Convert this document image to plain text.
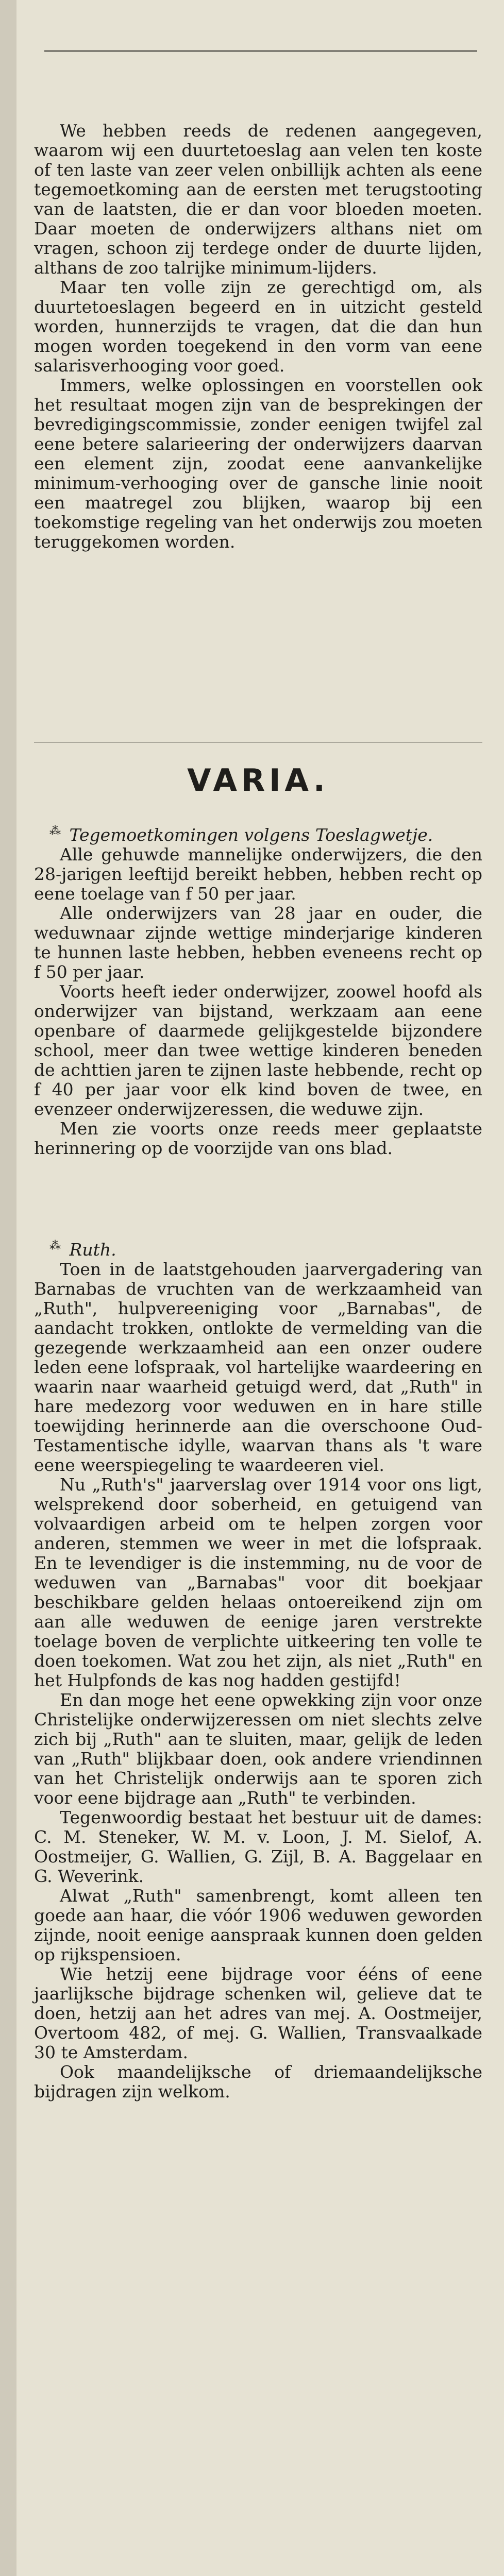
We hebben reeds de redenen aangegeven, waarom wij een duurtetoeslag aan velen ten koste of ten laste van zeer velen onbillijk achten als eene tegemoetkoming aan de eersten met terugstooting van de laatsten, die er dan voor bloeden moeten. Daar moeten de onderwijzers althans niet om vragen, schoon zij terdege onder de duurte lijden, althans de zoo talrijke minimum-lijders.

Maar ten volle zijn ze gerechtigd om, als duurtetoeslagen begeerd en in uitzicht gesteld worden, hunnerzijds te vragen, dat die dan hun mogen worden toegekend in den vorm van eene salarisverhooging voor goed.

Immers, welke oplossingen en voorstellen ook het resultaat mogen zijn van de besprekingen der bevredigingscommissie, zonder eenigen twijfel zal eene betere salarieering der onderwijzers daarvan een element zijn, zoodat eene aanvankelijke minimum-verhooging over de gansche linie nooit een maatregel zou blijken, waarop bij een toekomstige regeling van het onderwijs zou moeten teruggekomen worden.

VARIA.

⁂ Tegemoetkomingen volgens Toeslagwetje.

Alle gehuwde mannelijke onderwijzers, die den 28-jarigen leeftijd bereikt hebben, hebben recht op eene toelage van f 50 per jaar.

Alle onderwijzers van 28 jaar en ouder, die weduwnaar zijnde wettige minderjarige kinderen te hunnen laste hebben, hebben eveneens recht op f 50 per jaar.

Voorts heeft ieder onderwijzer, zoowel hoofd als onderwijzer van bijstand, werkzaam aan eene openbare of daarmede gelijkgestelde bijzondere school, meer dan twee wettige kinderen beneden de achttien jaren te zijnen laste hebbende, recht op f 40 per jaar voor elk kind boven de twee, en evenzeer onderwijzeressen, die weduwe zijn.

Men zie voorts onze reeds meer geplaatste herinnering op de voorzijde van ons blad.

⁂ Ruth.

Toen in de laatstgehouden jaarvergadering van Barnabas de vruchten van de werkzaamheid van „Ruth", hulpvereeniging voor „Barnabas", de aandacht trokken, ontlokte de vermelding van die gezegende werkzaamheid aan een onzer oudere leden eene lofspraak, vol hartelijke waardeering en waarin naar waarheid getuigd werd, dat „Ruth" in hare medezorg voor weduwen en in hare stille toewijding herinnerde aan die overschoone Oud-Testamentische idylle, waarvan thans als 't ware eene weerspiegeling te waardeeren viel.

Nu „Ruth's" jaarverslag over 1914 voor ons ligt, welsprekend door soberheid, en getuigend van volvaardigen arbeid om te helpen zorgen voor anderen, stemmen we weer in met die lofspraak. En te levendiger is die instemming, nu de voor de weduwen van „Barnabas" voor dit boekjaar beschikbare gelden helaas ontoereikend zijn om aan alle weduwen de eenige jaren verstrekte toelage boven de verplichte uitkeering ten volle te doen toekomen. Wat zou het zijn, als niet „Ruth" en het Hulpfonds de kas nog hadden gestijfd!

En dan moge het eene opwekking zijn voor onze Christelijke onderwijzeressen om niet slechts zelve zich bij „Ruth" aan te sluiten, maar, gelijk de leden van „Ruth" blijkbaar doen, ook andere vriendinnen van het Christelijk onderwijs aan te sporen zich voor eene bijdrage aan „Ruth" te verbinden.

Tegenwoordig bestaat het bestuur uit de dames: C. M. Steneker, W. M. v. Loon, J. M. Sielof, A. Oostmeijer, G. Wallien, G. Zijl, B. A. Baggelaar en G. Weverink.

Alwat „Ruth" samenbrengt, komt alleen ten goede aan haar, die vóór 1906 weduwen geworden zijnde, nooit eenige aanspraak kunnen doen gelden op rijkspensioen.

Wie hetzij eene bijdrage voor ééns of eene jaarlijksche bijdrage schenken wil, gelieve dat te doen, hetzij aan het adres van mej. A. Oostmeijer, Overtoom 482, of mej. G. Wallien, Transvaalkade 30 te Amsterdam.

Ook maandelijksche of driemaandelijksche bijdragen zijn welkom.
